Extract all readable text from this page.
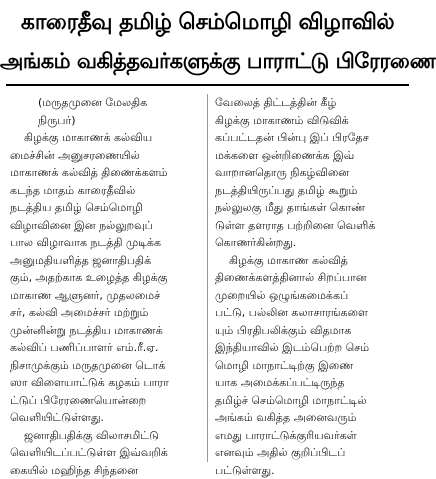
காரைதீவு தமிழ் செம்மொழி விழாவில்
அங்கம் வகித்தவர்களுக்கு பாராட்டு பிரேரணை
(மருதமுனை மேலதிக
நிருபர்)
கிழக்கு மாகாணக் கல்விய
மைச்சின் அனுசரணையில்
மாகாணக் கல்வித் திணைக்களம்
கடந்த மாதம் காரைதீவில்
நடத்திய தமிழ் செம்மொழி
விழாவினை இன நல்லுறவுப்
பால விழாவாக நடத்தி முடிக்க
அனுமதியளித்த ஜனாதிபதிக்
கும், அதற்காக உழைத்த கிழக்கு
மாகாண ஆளுனர், முதலமைச்
சர், கல்வி அமைச்சர் மற்றும்
முன்னின்று நடத்திய மாகாணக்
கல்விப் பணிப்பாளர் எம்.ரீ.ஏ.
நிசாமுக்கும் மருதமுனை டொக்
ஸா விளையாட்டுக் கழகம் பாரா
ட்டுப் பிரேரணையொன்றை
வெளியிட்டுள்ளது.
ஜனாதிபதிக்கு விலாசமிட்டு
வெளியிடப்பட்டுள்ள இவ்வறிக்
கையில் மஹிந்த சிந்தனை
வேலைத் திட்டத்தின் கீழ்
கிழக்கு மாகாணம் விடுவிக்
கப்பட்டதன் பின்பு இப் பிரதேச
மக்களை ஒன்றிணைக்க இவ்
வாறானதொரு நிகழ்வினை
நடத்தியிருப்பது தமிழ் கூறும்
நல்லுலகு மீது தாங்கள் கொண்
டுள்ள தளராத பற்றினை வெளிக்
கொணர்கின்றது.
கிழக்கு மாகாண கல்வித்
திணைக்களத்தினால் சிறப்பான
முறையில் ஒழுங்கமைக்கப்
பட்டு, பல்லின கலாசாரங்களை
யும் பிரதிபலிக்கும் விதமாக
இந்தியாவில் இடம்பெற்ற செம்
மொழி மாநாட்டிற்கு இணை
யாக அமைக்கப்பட்டிருந்த
தமிழ்ச் செம்மொழி மாநாட்டில்
அங்கம் வகித்த அனைவரும்
எமது பாராட்டுக்குரியவர்கள்
எனவும் அதில் குறிப்பிடப்
பட்டுள்ளது.
